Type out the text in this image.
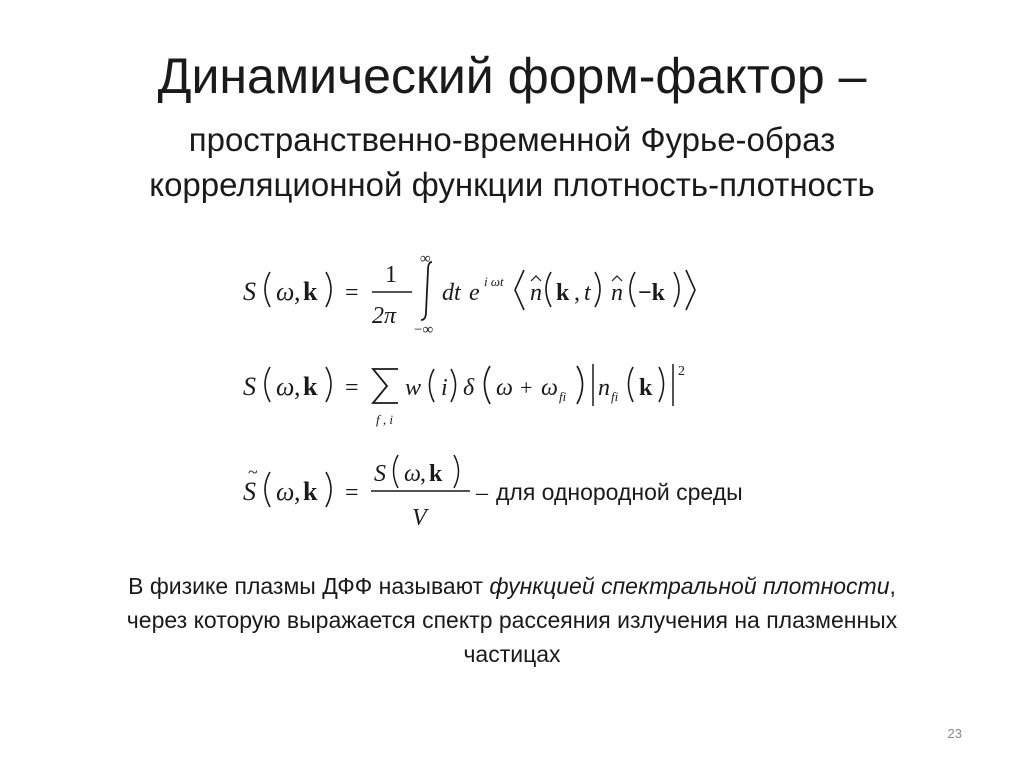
Динамический форм-фактор –
пространственно-временной Фурье-образ
корреляционной функции плотность-плотность
S ω , k =
1
2π
∞
−∞
dt e i ωt n k , t n −k
S ω , k =
f , i
w i δ ω + ω fi n fi k
2
S
~
ω , k =
S ω , k
V
– для однородной среды
В физике плазмы ДФФ называют функцией спектральной плотности,
через которую выражается спектр рассеяния излучения на плазменных
частицах
23
